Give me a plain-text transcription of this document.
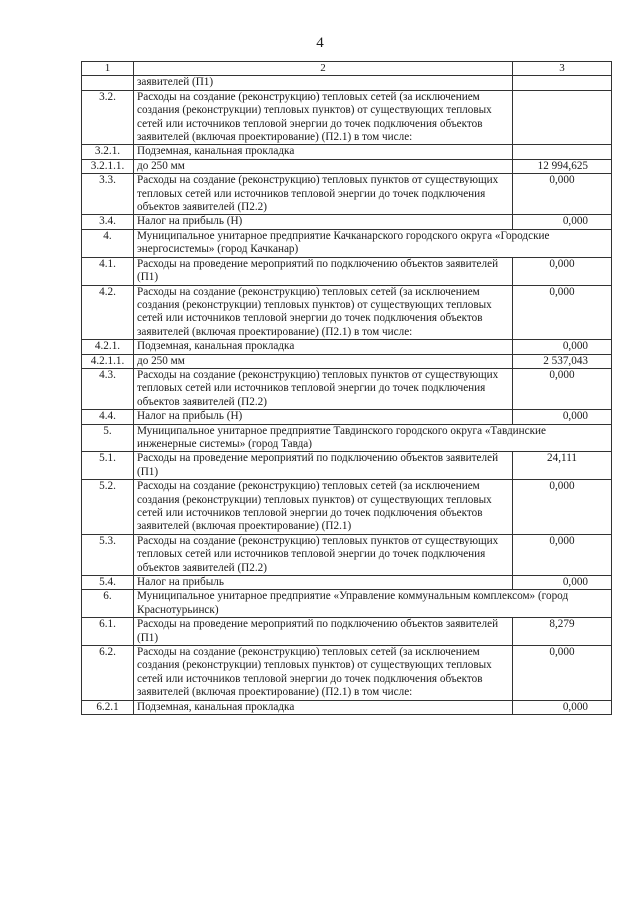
4
1	2	3
	заявителей (П1)	
3.2.	Расходы на создание (реконструкцию) тепловых сетей (за исключением создания (реконструкции) тепловых пунктов) от существующих тепловых сетей или источников тепловой энергии до точек подключения объектов заявителей (включая проектирование) (П2.1) в том числе:	
3.2.1.	Подземная, канальная прокладка	
3.2.1.1.	до 250 мм	12 994,625
3.3.	Расходы на создание (реконструкцию) тепловых пунктов от существующих тепловых сетей или источников тепловой энергии до точек подключения объектов заявителей (П2.2)	0,000
3.4.	Налог на прибыль (Н)	0,000
4.	Муниципальное унитарное предприятие Качканарского городского округа «Городские энергосистемы» (город Качканар)	
4.1.	Расходы на проведение мероприятий по подключению объектов заявителей (П1)	0,000
4.2.	Расходы на создание (реконструкцию) тепловых сетей (за исключением создания (реконструкции) тепловых пунктов) от существующих тепловых сетей или источников тепловой энергии до точек подключения объектов заявителей (включая проектирование) (П2.1) в том числе:	0,000
4.2.1.	Подземная, канальная прокладка	0,000
4.2.1.1.	до 250 мм	2 537,043
4.3.	Расходы на создание (реконструкцию) тепловых пунктов от существующих тепловых сетей или источников тепловой энергии до точек подключения объектов заявителей (П2.2)	0,000
4.4.	Налог на прибыль (Н)	0,000
5.	Муниципальное унитарное предприятие Тавдинского городского округа «Тавдинские инженерные системы» (город Тавда)	
5.1.	Расходы на проведение мероприятий по подключению объектов заявителей (П1)	24,111
5.2.	Расходы на создание (реконструкцию) тепловых сетей (за исключением создания (реконструкции) тепловых пунктов) от существующих тепловых сетей или источников тепловой энергии до точек подключения объектов заявителей (включая проектирование) (П2.1)	0,000
5.3.	Расходы на создание (реконструкцию) тепловых пунктов от существующих тепловых сетей или источников тепловой энергии до точек подключения объектов заявителей (П2.2)	0,000
5.4.	Налог на прибыль	0,000
6.	Муниципальное унитарное предприятие «Управление коммунальным комплексом» (город Краснотурьинск)	
6.1.	Расходы на проведение мероприятий по подключению объектов заявителей (П1)	8,279
6.2.	Расходы на создание (реконструкцию) тепловых сетей (за исключением создания (реконструкции) тепловых пунктов) от существующих тепловых сетей или источников тепловой энергии до точек подключения объектов заявителей (включая проектирование) (П2.1) в том числе:	0,000
6.2.1	Подземная, канальная прокладка	0,000
